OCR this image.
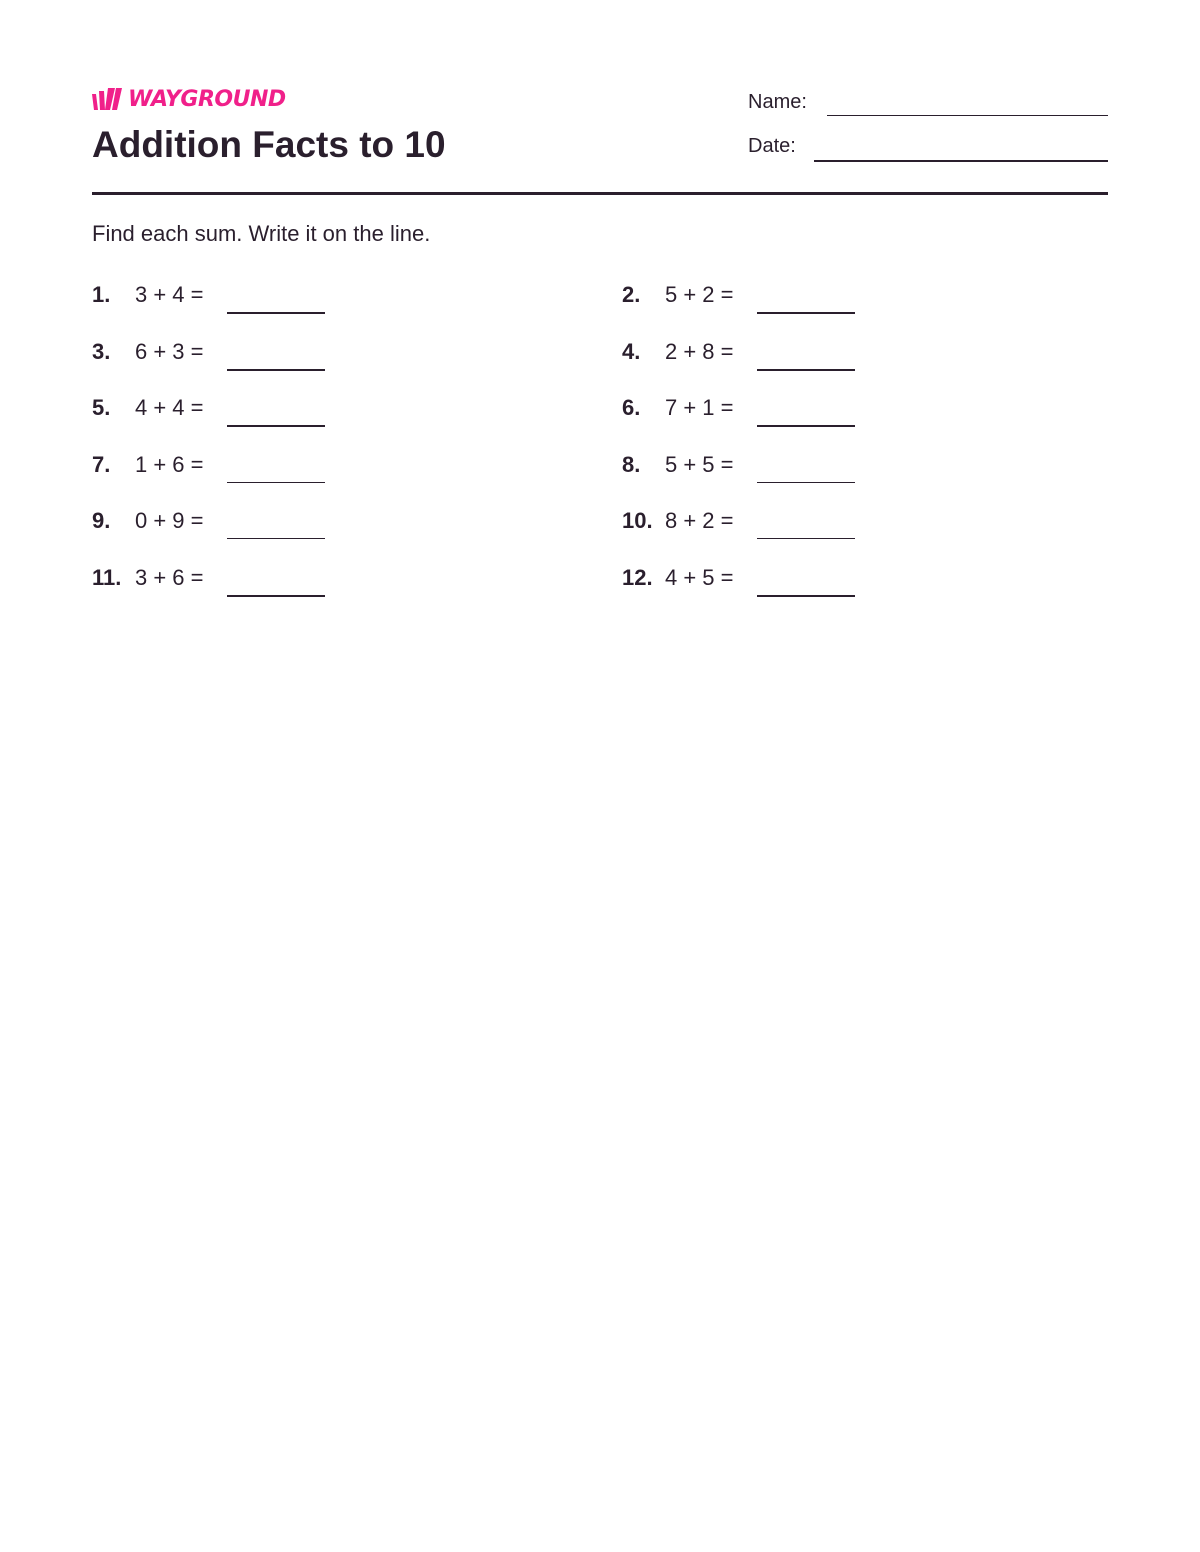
WAYGROUND
Addition Facts to 10
Name:
Date:
Find each sum. Write it on the line.
1. 3 + 4 =
3. 6 + 3 =
5. 4 + 4 =
7. 1 + 6 =
9. 0 + 9 =
11. 3 + 6 =
2. 5 + 2 =
4. 2 + 8 =
6. 7 + 1 =
8. 5 + 5 =
10. 8 + 2 =
12. 4 + 5 =
